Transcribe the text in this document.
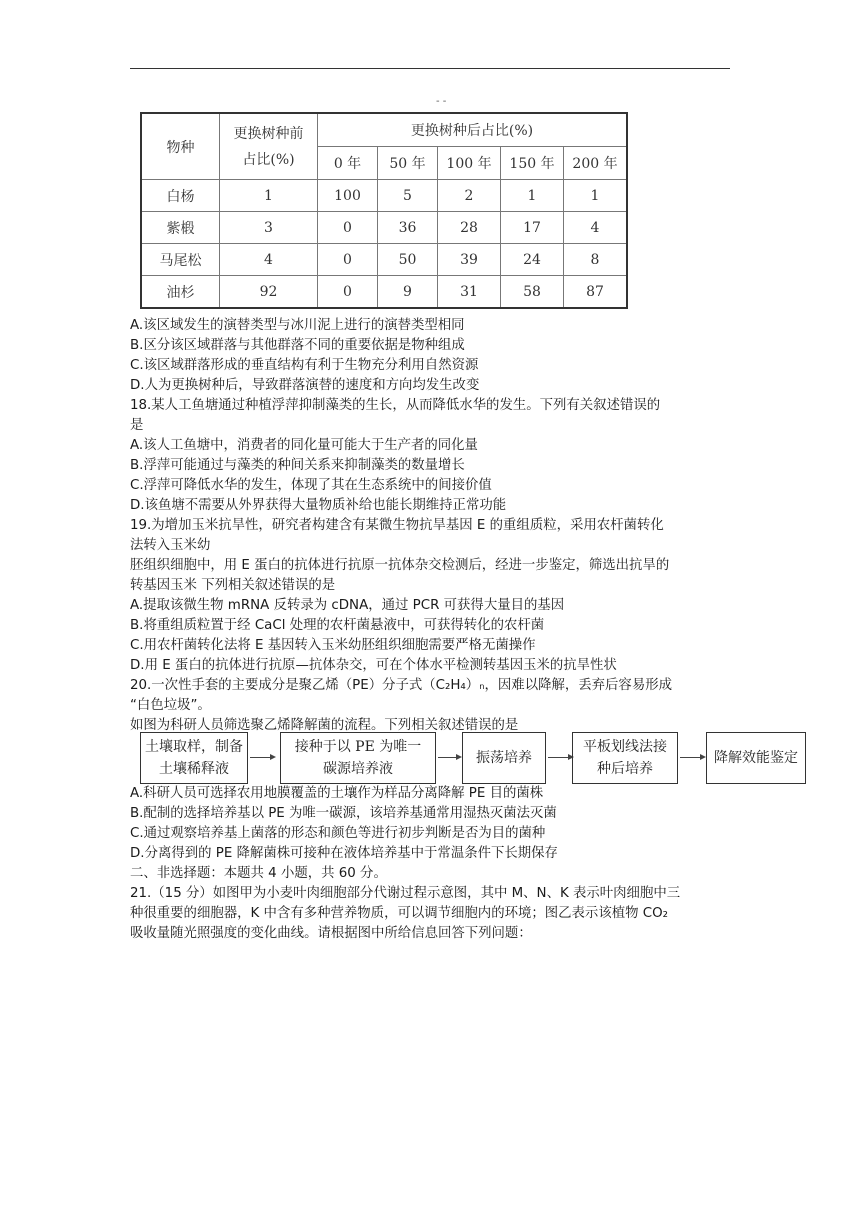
- -
物种	更换树种前占比(%)	更换树种后占比(%)				
		0 年	50 年	100 年	150 年	200 年
白杨	1	100	5	2	1	1
紫椴	3	0	36	28	17	4
马尾松	4	0	50	39	24	8
油杉	92	0	9	31	58	87

A.该区域发生的演替类型与冰川泥上进行的演替类型相同

B.区分该区域群落与其他群落不同的重要依据是物种组成

C.该区域群落形成的垂直结构有利于生物充分利用自然资源

D.人为更换树种后，导致群落演替的速度和方向均发生改变

18.某人工鱼塘通过种植浮萍抑制藻类的生长，从而降低水华的发生。下列有关叙述错误的

是

A.该人工鱼塘中，消费者的同化量可能大于生产者的同化量

B.浮萍可能通过与藻类的种间关系来抑制藻类的数量增长

C.浮萍可降低水华的发生，体现了其在生态系统中的间接价值

D.该鱼塘不需要从外界获得大量物质补给也能长期维持正常功能

19.为增加玉米抗旱性，研究者构建含有某微生物抗旱基因 E 的重组质粒，采用农杆菌转化

法转入玉米幼

胚组织细胞中，用 E 蛋白的抗体进行抗原一抗体杂交检测后，经进一步鉴定，筛选出抗旱的

转基因玉米 下列相关叙述错误的是

A.提取该微生物 mRNA 反转录为 cDNA，通过 PCR 可获得大量目的基因

B.将重组质粒置于经 CaCl 处理的农杆菌悬液中，可获得转化的农杆菌

C.用农杆菌转化法将 E 基因转入玉米幼胚组织细胞需要严格无菌操作

D.用 E 蛋白的抗体进行抗原—抗体杂交，可在个体水平检测转基因玉米的抗旱性状

20.一次性手套的主要成分是聚乙烯（PE）分子式（C₂H₄）ₙ，因难以降解，丢弃后容易形成

“白色垃圾”。

如图为科研人员筛选聚乙烯降解菌的流程。下列相关叙述错误的是

A.科研人员可选择农用地膜覆盖的土壤作为样品分离降解 PE 目的菌株

B.配制的选择培养基以 PE 为唯一碳源，该培养基通常用湿热灭菌法灭菌

C.通过观察培养基上菌落的形态和颜色等进行初步判断是否为目的菌种

D.分离得到的 PE 降解菌株可接种在液体培养基中于常温条件下长期保存

二、非选择题：本题共 4 小题，共 60 分。

21.（15 分）如图甲为小麦叶肉细胞部分代谢过程示意图，其中 M、N、K 表示叶肉细胞中三

种很重要的细胞器，K 中含有多种营养物质，可以调节细胞内的环境；图乙表示该植物 CO₂

吸收量随光照强度的变化曲线。请根据图中所给信息回答下列问题：

土壤取样，制备
土壤稀释液
接种于以 PE 为唯一
碳源培养液
振荡培养
平板划线法接
种后培养
降解效能鉴定
